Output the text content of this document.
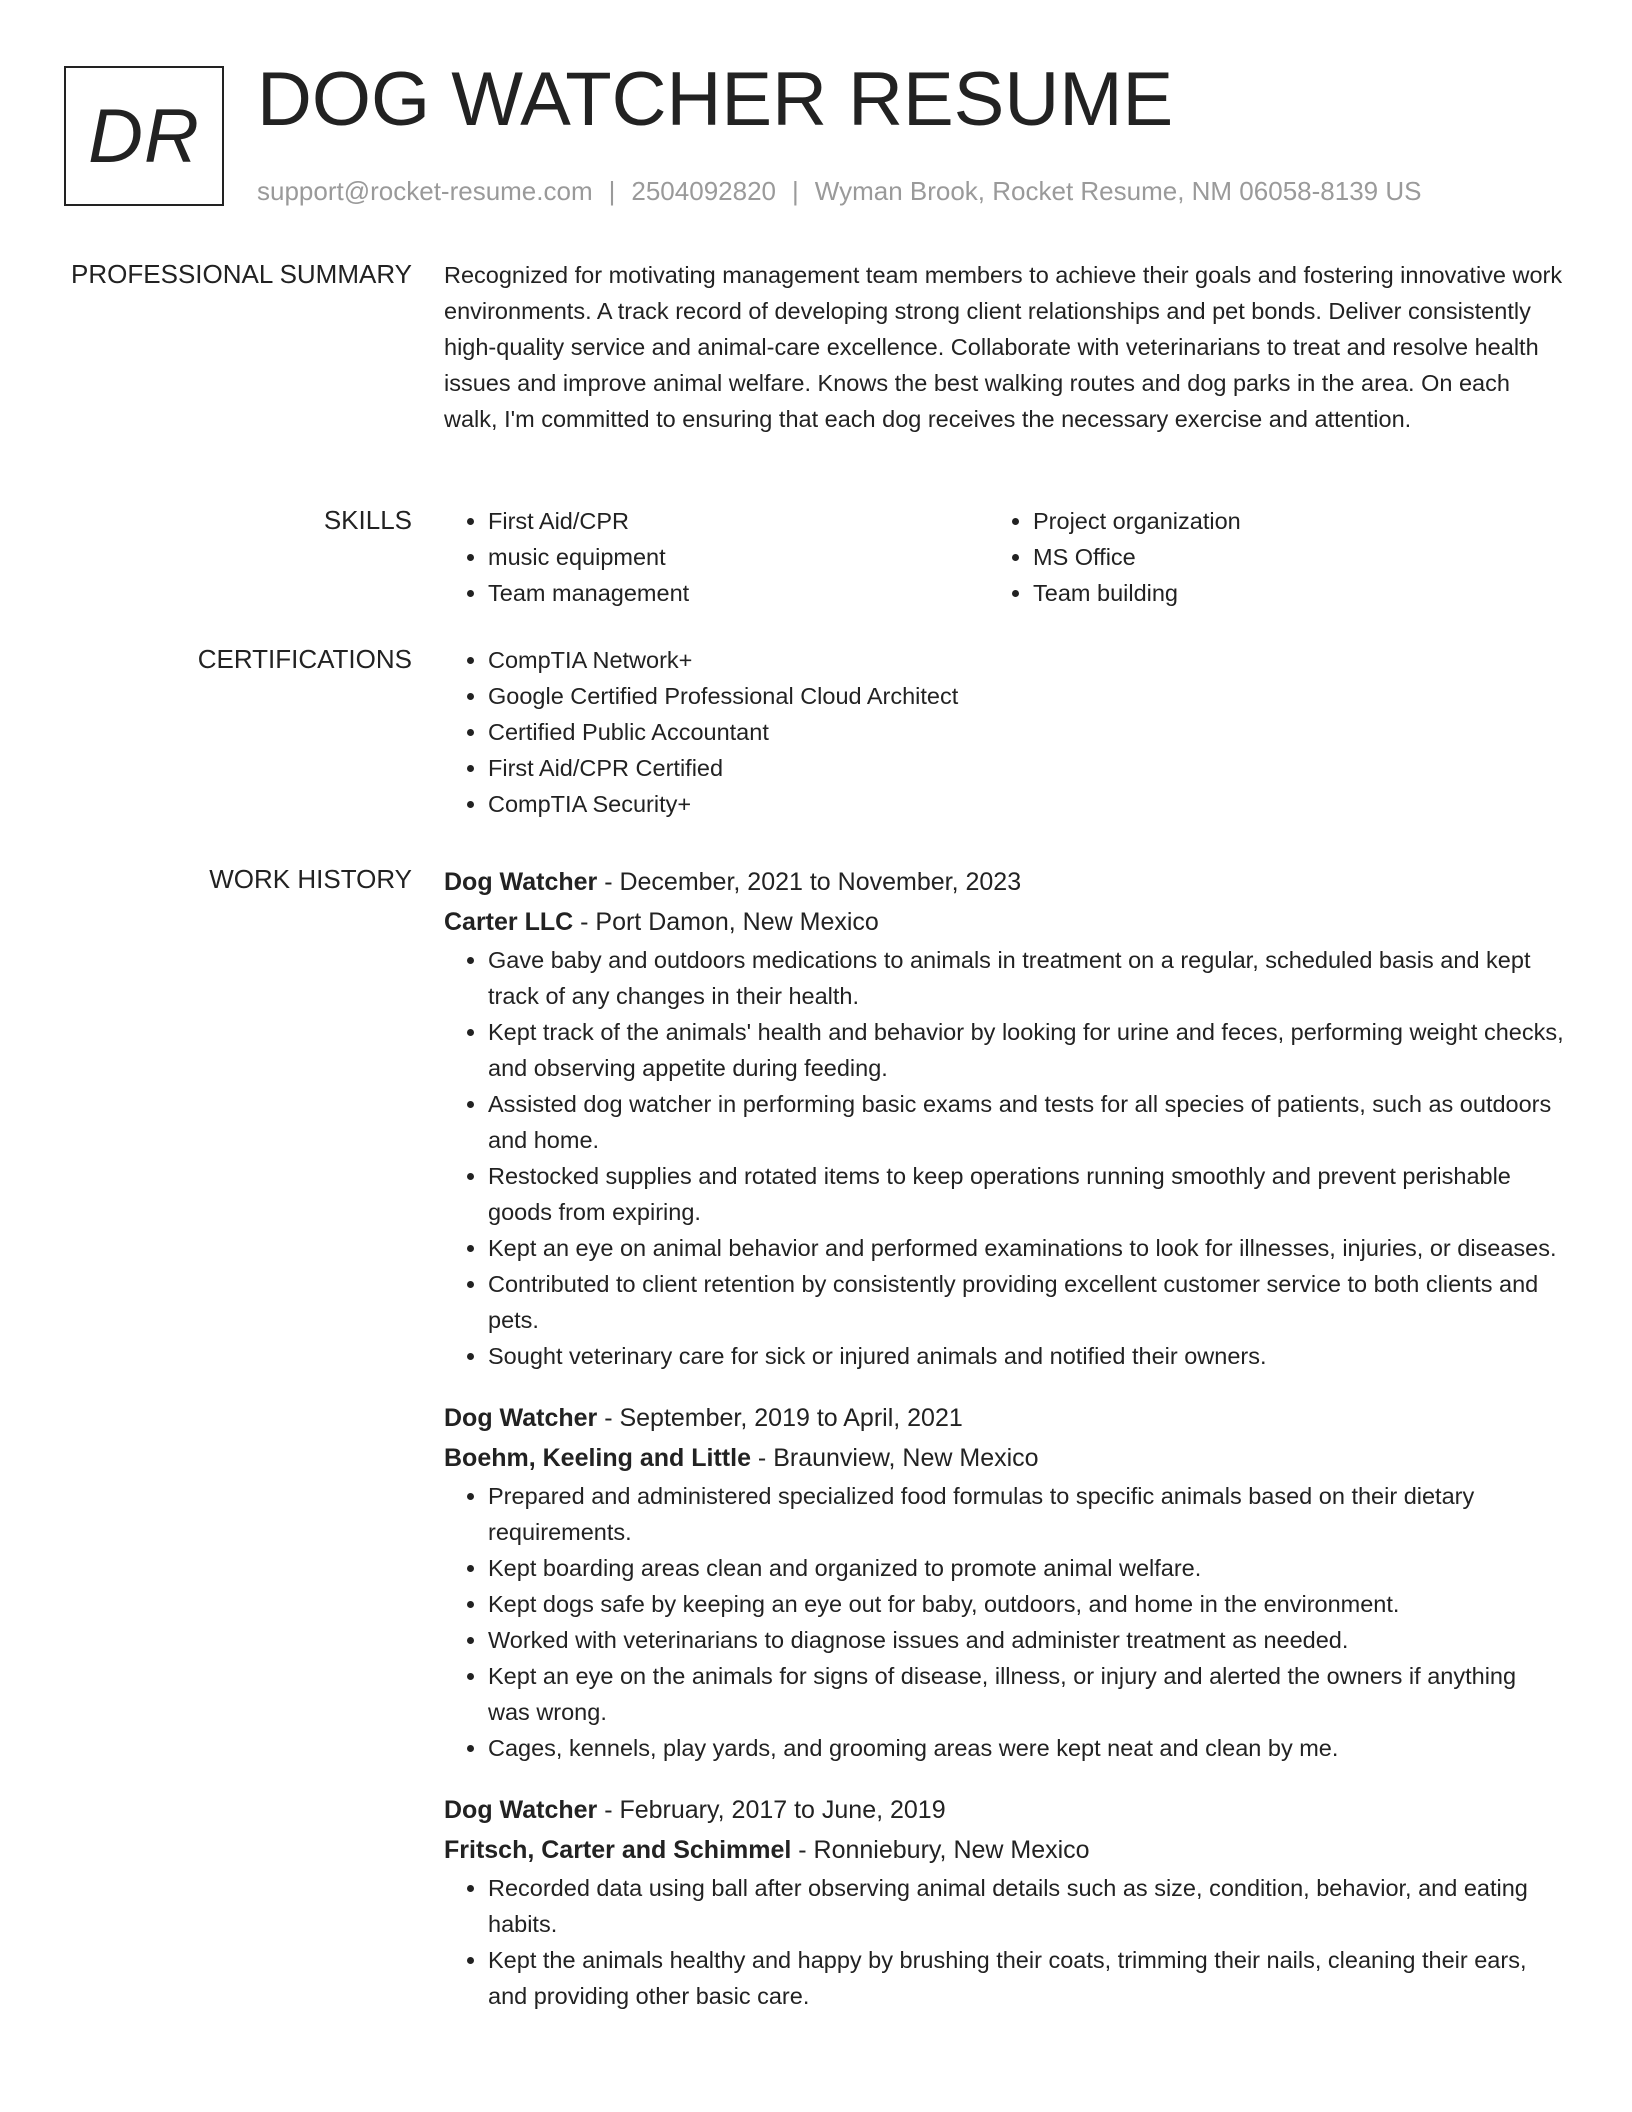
DR DOG WATCHER RESUME
support@rocket-resume.com | 2504092820 | Wyman Brook, Rocket Resume, NM 06058-8139 US
PROFESSIONAL SUMMARY Recognized for motivating management team members to achieve their goals and fostering innovative work environments. A track record of developing strong client relationships and pet bonds. Deliver consistently high-quality service and animal-care excellence. Collaborate with veterinarians to treat and resolve health issues and improve animal welfare. Knows the best walking routes and dog parks in the area. On each walk, I'm committed to ensuring that each dog receives the necessary exercise and attention.
SKILLS	• First Aid/CPR
• music equipment
• Team management
• Project organization
• MS Office
• Team building
CERTIFICATIONS	• CompTIA Network+
• Google Certified Professional Cloud Architect
• Certified Public Accountant
• First Aid/CPR Certified
• CompTIA Security+
WORK HISTORY Dog Watcher - December, 2021 to November, 2023
Carter LLC - Port Damon, New Mexico
• Gave baby and outdoors medications to animals in treatment on a regular, scheduled basis and kept track of any changes in their health.
• Kept track of the animals' health and behavior by looking for urine and feces, performing weight checks, and observing appetite during feeding.
• Assisted dog watcher in performing basic exams and tests for all species of patients, such as outdoors and home.
• Restocked supplies and rotated items to keep operations running smoothly and prevent perishable goods from expiring.
• Kept an eye on animal behavior and performed examinations to look for illnesses, injuries, or diseases.
• Contributed to client retention by consistently providing excellent customer service to both clients and pets.
• Sought veterinary care for sick or injured animals and notified their owners.
Dog Watcher - September, 2019 to April, 2021
Boehm, Keeling and Little - Braunview, New Mexico
• Prepared and administered specialized food formulas to specific animals based on their dietary requirements.
• Kept boarding areas clean and organized to promote animal welfare.
• Kept dogs safe by keeping an eye out for baby, outdoors, and home in the environment.
• Worked with veterinarians to diagnose issues and administer treatment as needed.
• Kept an eye on the animals for signs of disease, illness, or injury and alerted the owners if anything was wrong.
• Cages, kennels, play yards, and grooming areas were kept neat and clean by me.
Dog Watcher - February, 2017 to June, 2019
Fritsch, Carter and Schimmel - Ronniebury, New Mexico
• Recorded data using ball after observing animal details such as size, condition, behavior, and eating habits.
• Kept the animals healthy and happy by brushing their coats, trimming their nails, cleaning their ears, and providing other basic care.
